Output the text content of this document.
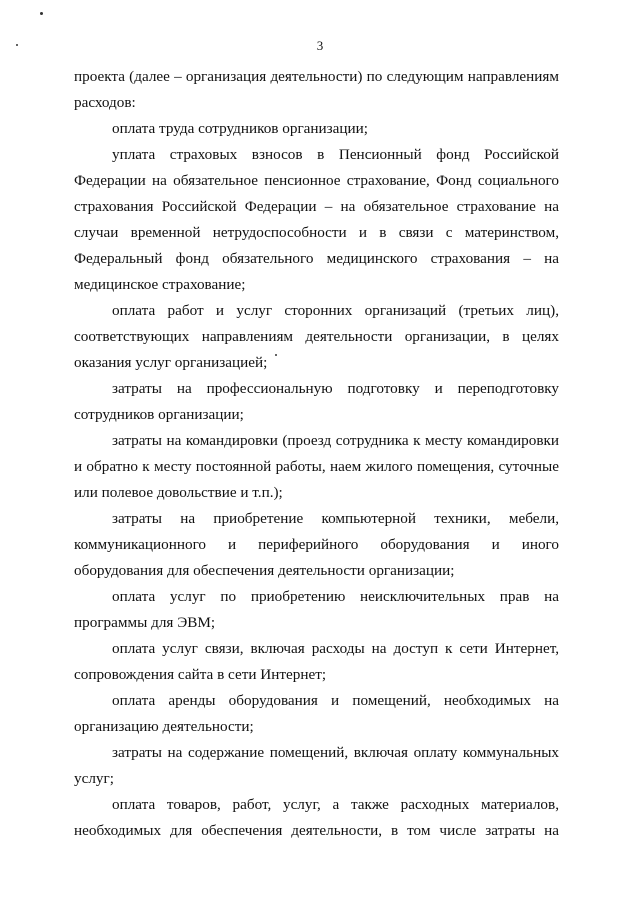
3
проекта (далее – организация деятельности) по следующим направлениям
расходов:
оплата труда сотрудников организации;
уплата страховых взносов в Пенсионный фонд Российской
Федерации на обязательное пенсионное страхование, Фонд социального
страхования Российской Федерации – на обязательное страхование на
случаи временной нетрудоспособности и в связи с материнством,
Федеральный фонд обязательного медицинского страхования – на
медицинское страхование;
оплата работ и услуг сторонних организаций (третьих лиц),
соответствующих направлениям деятельности организации, в целях
оказания услуг организацией;
затраты на профессиональную подготовку и переподготовку
сотрудников организации;
затраты на командировки (проезд сотрудника к месту командировки
и обратно к месту постоянной работы, наем жилого помещения, суточные
или полевое довольствие и т.п.);
затраты на приобретение компьютерной техники, мебели,
коммуникационного и периферийного оборудования и иного
оборудования для обеспечения деятельности организации;
оплата услуг по приобретению неисключительных прав на
программы для ЭВМ;
оплата услуг связи, включая расходы на доступ к сети Интернет,
сопровождения сайта в сети Интернет;
оплата аренды оборудования и помещений, необходимых на
организацию деятельности;
затраты на содержание помещений, включая оплату коммунальных
услуг;
оплата товаров, работ, услуг, а также расходных материалов,
необходимых для обеспечения деятельности, в том числе затраты на
